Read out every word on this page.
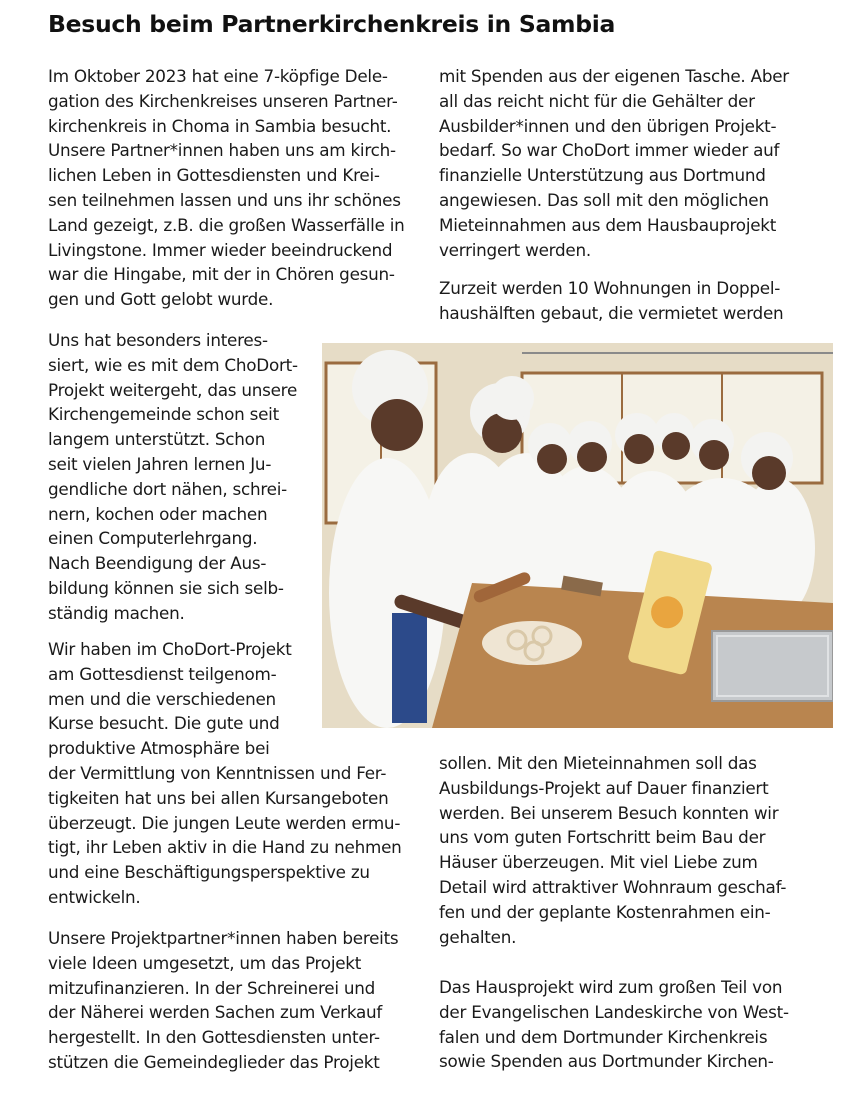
Besuch beim Partnerkirchenkreis in Sambia
Im Oktober 2023 hat eine 7-köpfige Dele-
gation des Kirchenkreises unseren Partner-
kirchenkreis in Choma in Sambia besucht.
Unsere Partner*innen haben uns am kirch-
lichen Leben in Gottesdiensten und Krei-
sen teilnehmen lassen und uns ihr schönes
Land gezeigt, z.B. die großen Wasserfälle in
Livingstone. Immer wieder beeindruckend
war die Hingabe, mit der in Chören gesun-
gen und Gott gelobt wurde.
Uns hat besonders interes-
siert, wie es mit dem ChoDort-
Projekt weitergeht, das unsere
Kirchengemeinde schon seit
langem unterstützt. Schon
seit vielen Jahren lernen Ju-
gendliche dort nähen, schrei-
nern, kochen oder machen
einen Computerlehrgang.
Nach Beendigung der Aus-
bildung können sie sich selb-
ständig machen.
Wir haben im ChoDort-Projekt
am Gottesdienst teilgenom-
men und die verschiedenen
Kurse besucht. Die gute und
produktive Atmosphäre bei
der Vermittlung von Kenntnissen und Fer-
tigkeiten hat uns bei allen Kursangeboten
überzeugt. Die jungen Leute werden ermu-
tigt, ihr Leben aktiv in die Hand zu nehmen
und eine Beschäftigungsperspektive zu
entwickeln.
Unsere Projektpartner*innen haben bereits
viele Ideen umgesetzt, um das Projekt
mitzufinanzieren. In der Schreinerei und
der Näherei werden Sachen zum Verkauf
hergestellt. In den Gottesdiensten unter-
stützen die Gemeindeglieder das Projekt
mit Spenden aus der eigenen Tasche. Aber
all das reicht nicht für die Gehälter der
Ausbilder*innen und den übrigen Projekt-
bedarf. So war ChoDort immer wieder auf
finanzielle Unterstützung aus Dortmund
angewiesen. Das soll mit den möglichen
Mieteinnahmen aus dem Hausbauprojekt
verringert werden.
Zurzeit werden 10 Wohnungen in Doppel-
haushälften gebaut, die vermietet werden
sollen. Mit den Mieteinnahmen soll das
Ausbildungs-Projekt auf Dauer finanziert
werden. Bei unserem Besuch konnten wir
uns vom guten Fortschritt beim Bau der
Häuser überzeugen. Mit viel Liebe zum
Detail wird attraktiver Wohnraum geschaf-
fen und der geplante Kostenrahmen ein-
gehalten.
Das Hausprojekt wird zum großen Teil von
der Evangelischen Landeskirche von West-
falen und dem Dortmunder Kirchenkreis
sowie Spenden aus Dortmunder Kirchen-
